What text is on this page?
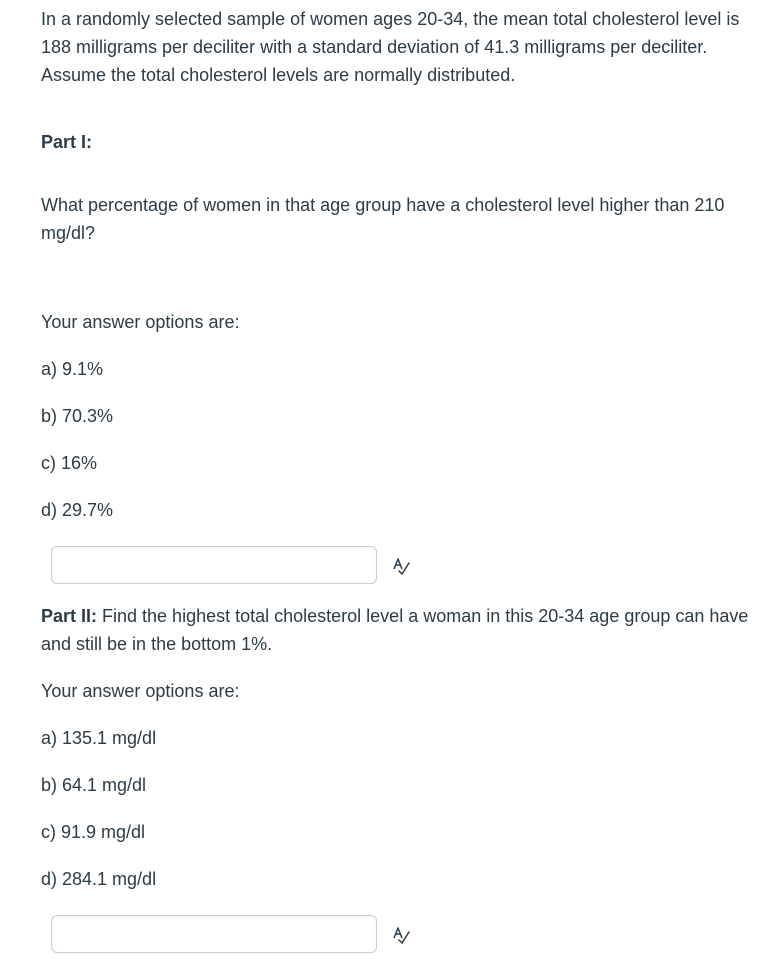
In a randomly selected sample of women ages 20-34, the mean total cholesterol level is 188 milligrams per deciliter with a standard deviation of 41.3 milligrams per deciliter. Assume the total cholesterol levels are normally distributed.

Part I:

What percentage of women in that age group have a cholesterol level higher than 210 mg/dl?

Your answer options are:

a) 9.1%

b) 70.3%

c) 16%

d) 29.7%

Part II: Find the highest total cholesterol level a woman in this 20-34 age group can have and still be in the bottom 1%.

Your answer options are:

a) 135.1 mg/dl

b) 64.1 mg/dl

c) 91.9 mg/dl

d) 284.1 mg/dl
